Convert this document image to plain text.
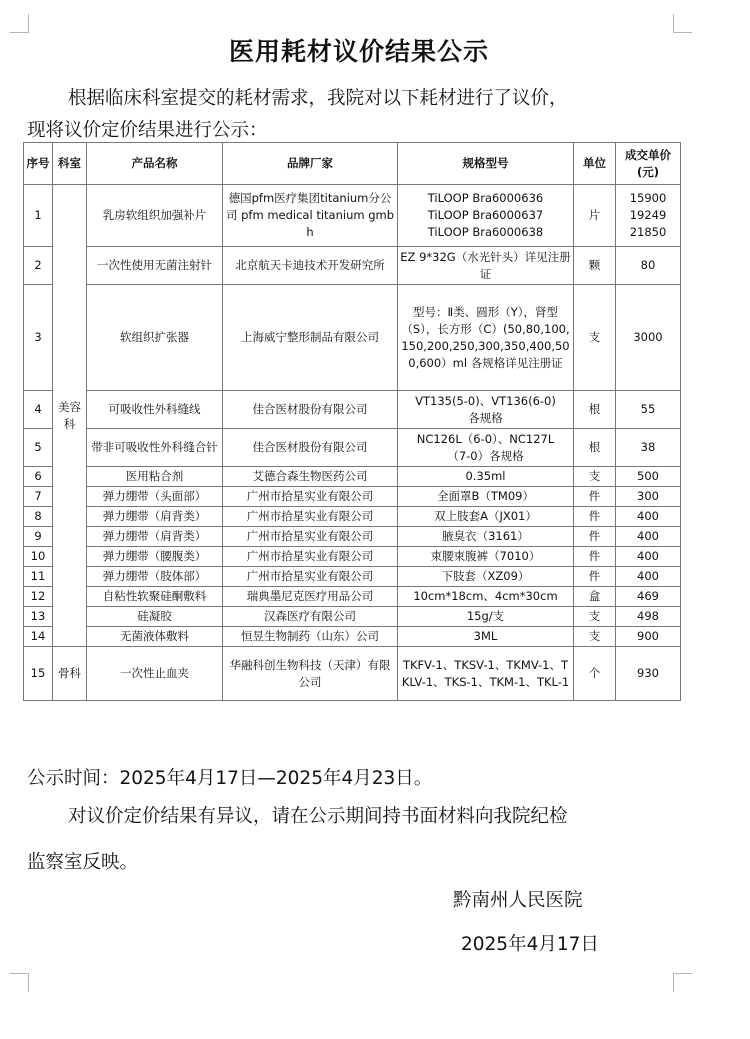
医用耗材议价结果公示
根据临床科室提交的耗材需求，我院对以下耗材进行了议价，
现将议价定价结果进行公示：
序号	科室	产品名称	品牌厂家	规格型号	单位	成交单价
(元)

1	美容科	乳房软组织加强补片	德国pfm医疗集团titanium分公司 pfm medical titanium gmbh	TiLOOP Bra6000636
TiLOOP Bra6000637
TiLOOP Bra6000638	片	15900
19249
21850

2		一次性使用无菌注射针	北京航天卡迪技术开发研究所	EZ 9*32G（水光针头）详见注册证	颗	80

3		软组织扩张器	上海威宁整形制品有限公司	型号：Ⅱ类、圆形（Y），肾型（S），长方形（C）(50,80,100,150,200,250,300,350,400,500,600）ml 各规格详见注册证	支	3000

4		可吸收性外科缝线	佳合医材股份有限公司	VT135(5-0)、VT136(6-0)
各规格	根	55

5		带非可吸收性外科缝合针	佳合医材股份有限公司	NC126L（6-0）、NC127L
（7-0）各规格	根	38

6		医用粘合剂	艾德合森生物医药公司	0.35ml	支	500

7		弹力绷带（头面部）	广州市拾星实业有限公司	全面罩B（TM09）	件	300

8		弹力绷带（肩背类）	广州市拾星实业有限公司	双上肢套A（JX01）	件	400

9		弹力绷带（肩背类）	广州市拾星实业有限公司	腋臭衣（3161）	件	400

10		弹力绷带（腰腹类）	广州市拾星实业有限公司	束腰束腹裤（7010）	件	400

11		弹力绷带（肢体部）	广州市拾星实业有限公司	下肢套（XZ09）	件	400

12		自粘性软聚硅酮敷料	瑞典墨尼克医疗用品公司	10cm*18cm、4cm*30cm	盒	469

13		硅凝胶	汉森医疗有限公司	15g/支	支	498

14		无菌液体敷料	恒昱生物制药（山东）公司	3ML	支	900

15	骨科	一次性止血夹	华融科创生物科技（天津）有限公司	TKFV-1、TKSV-1、TKMV-1、TKLV-1、TKS-1、TKM-1、TKL-1	个	930
公示时间：2025年4月17日—2025年4月23日。
对议价定价结果有异议，请在公示期间持书面材料向我院纪检
监察室反映。
黔南州人民医院
2025年4月17日
